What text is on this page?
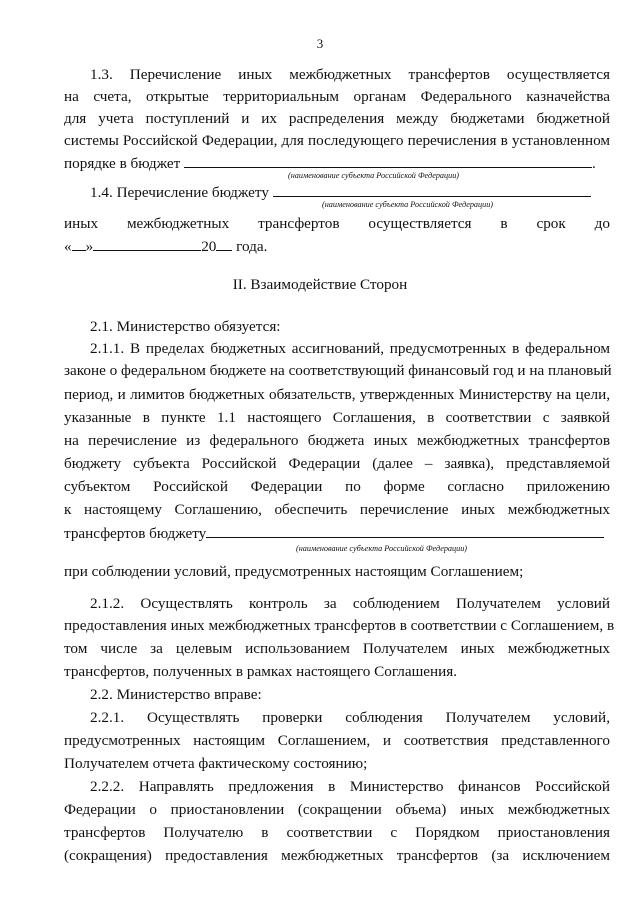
3
1.3. Перечисление иных межбюджетных трансфертов осуществляется
на счета, открытые территориальным органам Федерального казначейства
для учета поступлений и их распределения между бюджетами бюджетной
системы Российской Федерации, для последующего перечисления в установленном
порядке в бюджет	.
(наименование субъекта Российской Федерации)
1.4. Перечисление бюджету
(наименование субъекта Российской Федерации)
иных межбюджетных трансфертов осуществляется в срок до
« »	20 года.
II. Взаимодействие Сторон
2.1. Министерство обязуется:
2.1.1. В пределах бюджетных ассигнований, предусмотренных в федеральном
законе о федеральном бюджете на соответствующий финансовый год и на плановый
период, и лимитов бюджетных обязательств, утвержденных Министерству на цели,
указанные в пункте 1.1 настоящего Соглашения, в соответствии с заявкой
на перечисление из федерального бюджета иных межбюджетных трансфертов
бюджету субъекта Российской Федерации (далее – заявка), представляемой
субъектом Российской Федерации по форме согласно приложению
к настоящему Соглашению, обеспечить перечисление иных межбюджетных
трансфертов бюджету
(наименование субъекта Российской Федерации)
при соблюдении условий, предусмотренных настоящим Соглашением;
2.1.2. Осуществлять контроль за соблюдением Получателем условий
предоставления иных межбюджетных трансфертов в соответствии с Соглашением, в
том числе за целевым использованием Получателем иных межбюджетных
трансфертов, полученных в рамках настоящего Соглашения.
2.2. Министерство вправе:
2.2.1. Осуществлять проверки соблюдения Получателем условий,
предусмотренных настоящим Соглашением, и соответствия представленного
Получателем отчета фактическому состоянию;
2.2.2. Направлять предложения в Министерство финансов Российской
Федерации о приостановлении (сокращении объема) иных межбюджетных
трансфертов Получателю в соответствии с Порядком приостановления
(сокращения) предоставления межбюджетных трансфертов (за исключением
